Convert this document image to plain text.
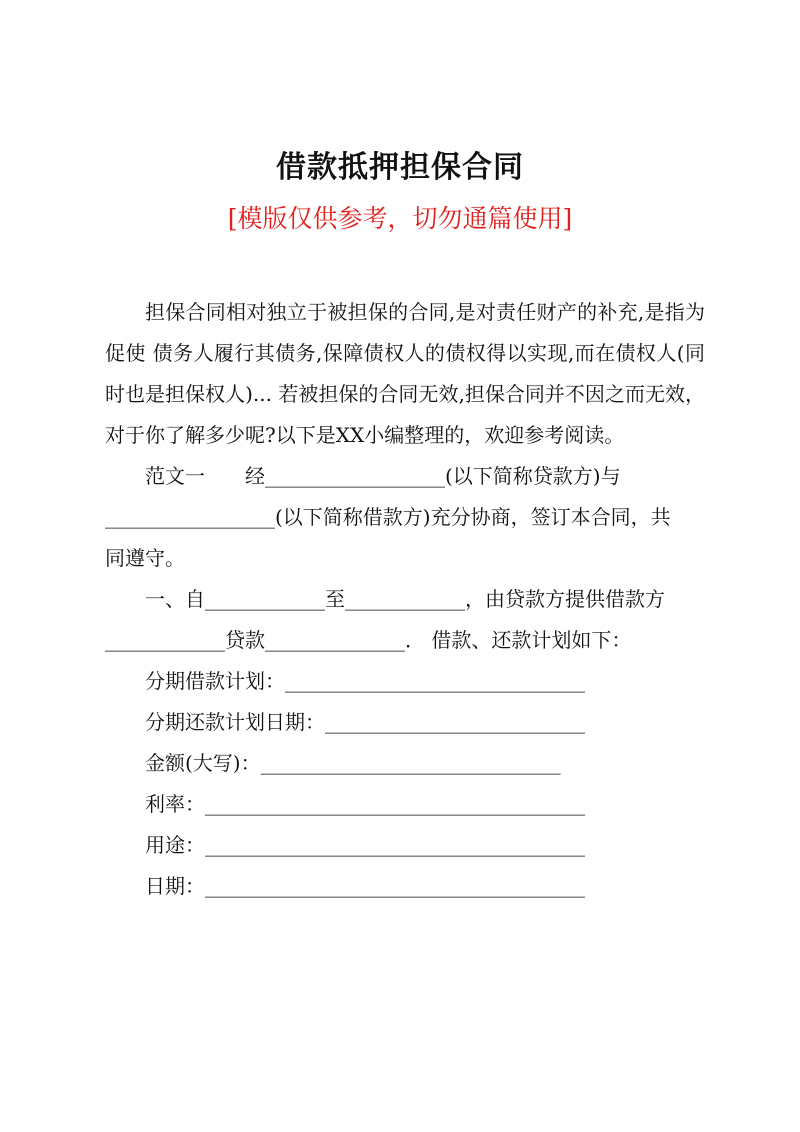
借款抵押担保合同

[模版仅供参考，切勿通篇使用]

担保合同相对独立于被担保的合同,是对责任财产的补充,是指为促使 债务人履行其债务,保障债权人的债权得以实现,而在债权人(同时也是担保权人)... 若被担保的合同无效,担保合同并不因之而无效，对于你了解多少呢?以下是XX小编整理的，欢迎参考阅读。

范文一　　经__________________(以下简称贷款方)与

_________________(以下简称借款方)充分协商，签订本合同，共

同遵守。

一、自____________至____________，由贷款方提供借款方

____________贷款______________． 借款、还款计划如下：

分期借款计划：______________________________

分期还款计划日期：__________________________

金额(大写)：______________________________

利率：______________________________________

用途：______________________________________

日期：______________________________________
